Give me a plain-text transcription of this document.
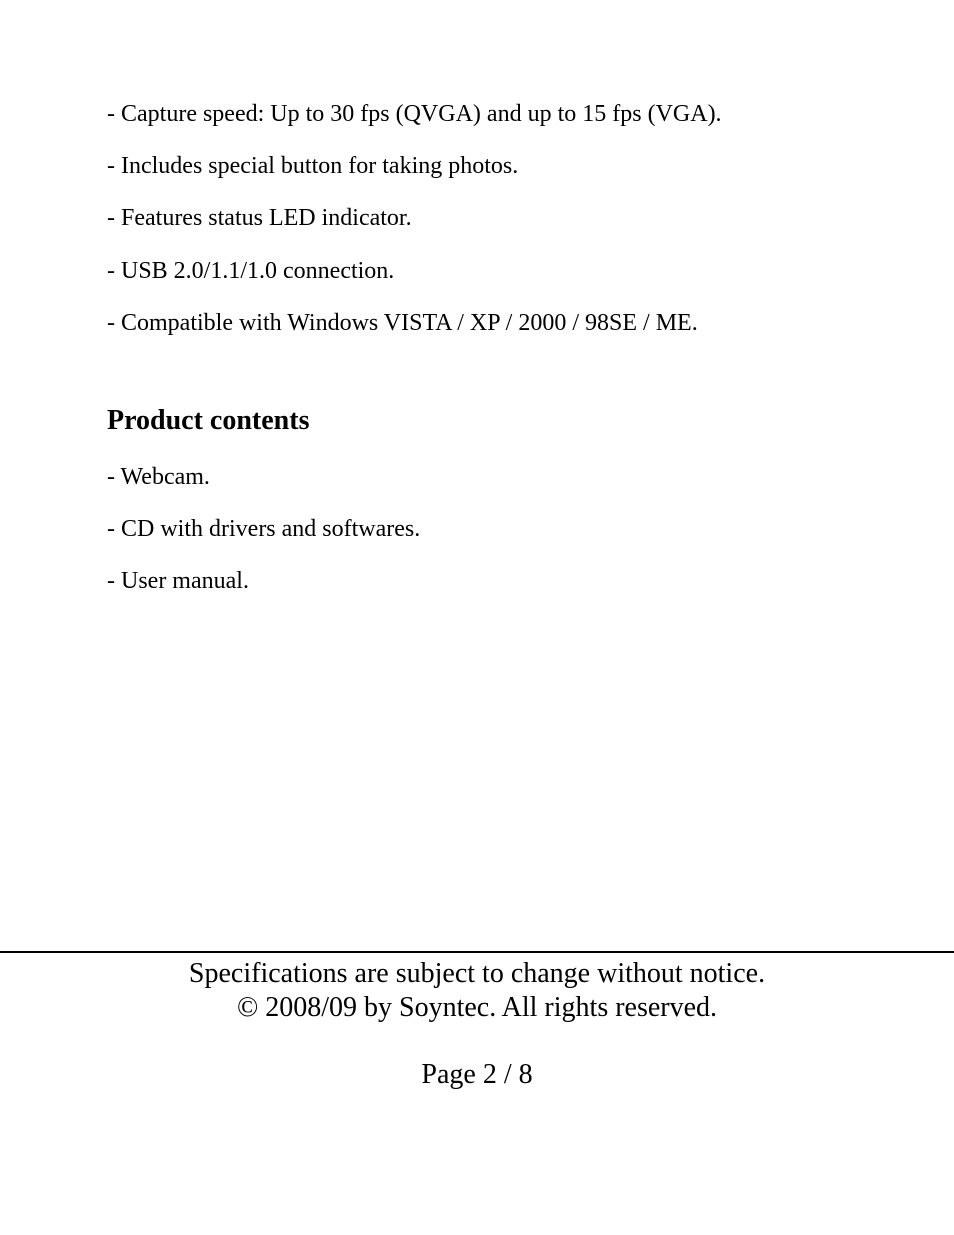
- Capture speed: Up to 30 fps (QVGA) and up to 15 fps (VGA).
- Includes special button for taking photos.
- Features status LED indicator.
- USB 2.0/1.1/1.0 connection.
- Compatible with Windows VISTA / XP / 2000 / 98SE / ME.
Product contents
- Webcam.
- CD with drivers and softwares.
- User manual.
Specifications are subject to change without notice.
© 2008/09 by Soyntec. All rights reserved.
Page 2 / 8
